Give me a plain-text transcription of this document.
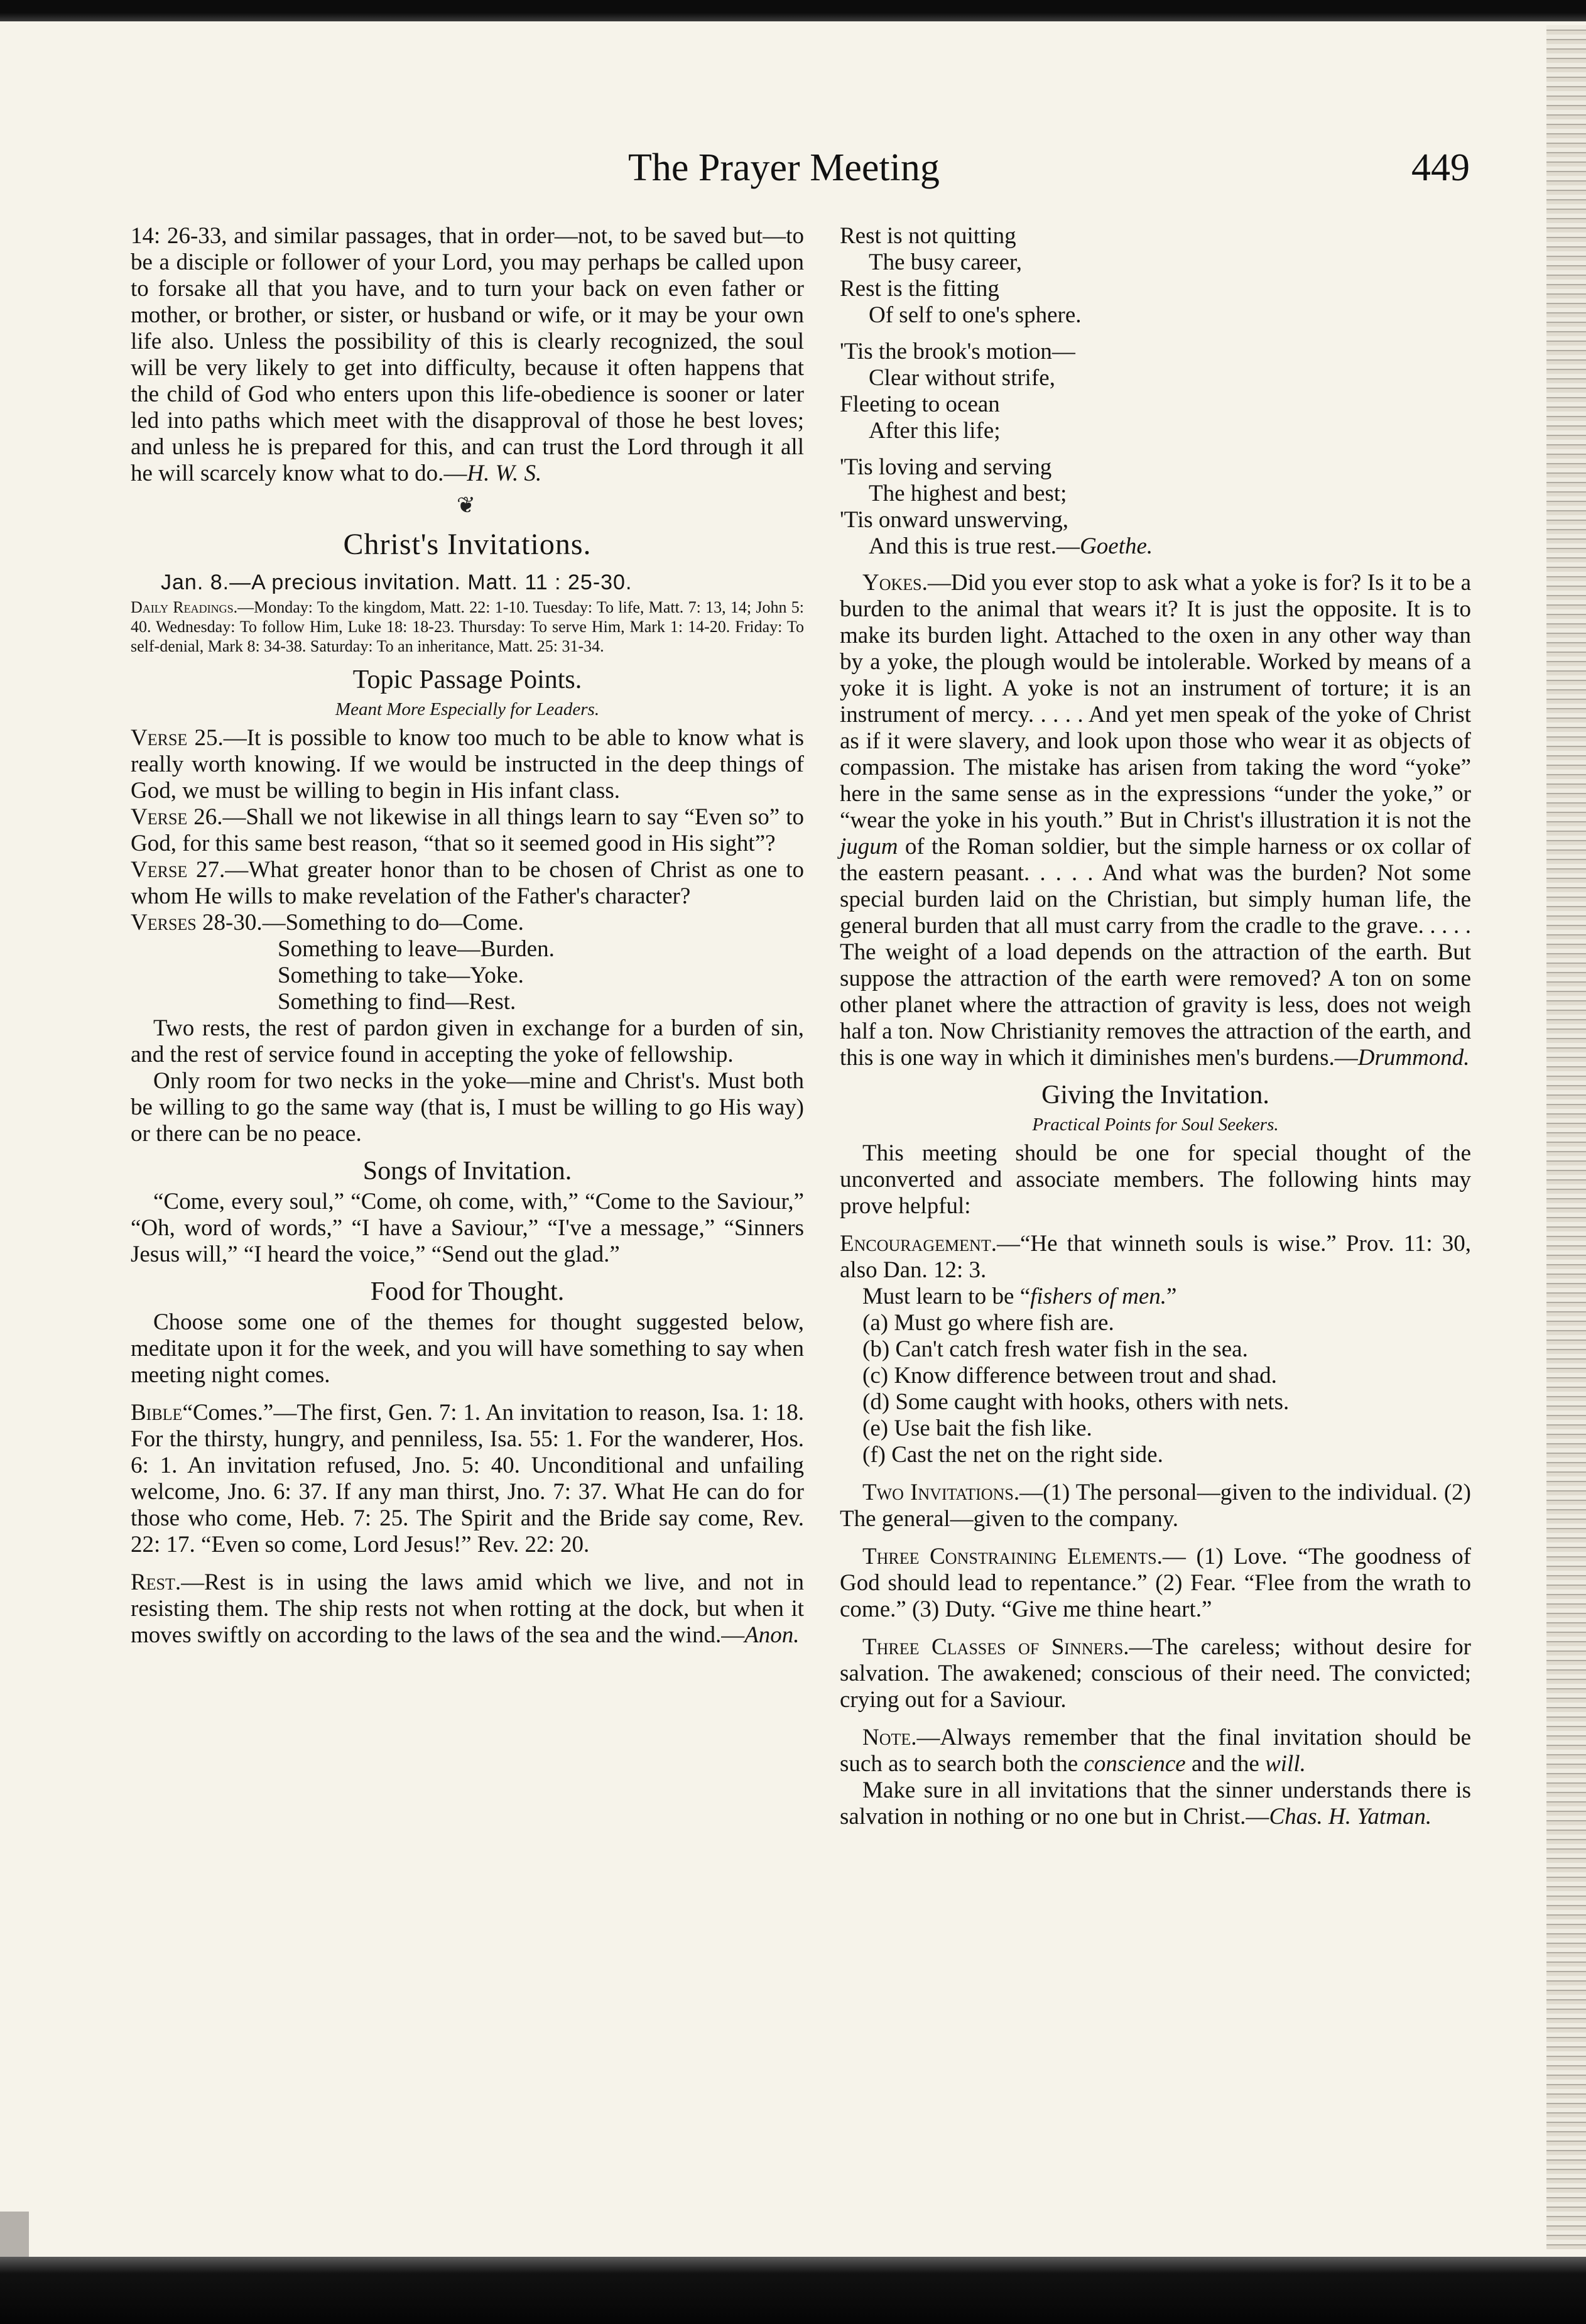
The Prayer Meeting	449

14: 26-33, and similar passages, that in order—not, to be saved but—to be a disciple or follower of your Lord, you may perhaps be called upon to forsake all that you have, and to turn your back on even father or mother, or brother, or sister, or husband or wife, or it may be your own life also. Unless the possibility of this is clearly recognized, the soul will be very likely to get into difficulty, because it often happens that the child of God who enters upon this life-obedience is sooner or later led into paths which meet with the disapproval of those he best loves; and unless he is prepared for this, and can trust the Lord through it all he will scarcely know what to do.—H. W. S.

❦
Christ's Invitations.
Jan. 8.—A precious invitation. Matt. 11 : 25-30.

Daily Readings.—Monday: To the kingdom, Matt. 22: 1-10. Tuesday: To life, Matt. 7: 13, 14; John 5: 40. Wednesday: To follow Him, Luke 18: 18-23. Thursday: To serve Him, Mark 1: 14-20. Friday: To self-denial, Mark 8: 34-38. Saturday: To an inheritance, Matt. 25: 31-34.

Topic Passage Points.
Meant More Especially for Leaders.

Verse 25.—It is possible to know too much to be able to know what is really worth knowing. If we would be instructed in the deep things of God, we must be willing to begin in His infant class.

Verse 26.—Shall we not likewise in all things learn to say “Even so” to God, for this same best reason, “that so it seemed good in His sight”?

Verse 27.—What greater honor than to be chosen of Christ as one to whom He wills to make revelation of the Father's character?

Verses 28-30.—Something to do—Come.

Something to leave—Burden.

Something to take—Yoke.

Something to find—Rest.

Two rests, the rest of pardon given in exchange for a burden of sin, and the rest of service found in accepting the yoke of fellowship.

Only room for two necks in the yoke—mine and Christ's. Must both be willing to go the same way (that is, I must be willing to go His way) or there can be no peace.

Songs of Invitation.

“Come, every soul,” “Come, oh come, with,” “Come to the Saviour,” “Oh, word of words,” “I have a Saviour,” “I've a message,” “Sinners Jesus will,” “I heard the voice,” “Send out the glad.”

Food for Thought.

Choose some one of the themes for thought suggested below, meditate upon it for the week, and you will have something to say when meeting night comes.

Bible“Comes.”—The first, Gen. 7: 1. An invitation to reason, Isa. 1: 18. For the thirsty, hungry, and penniless, Isa. 55: 1. For the wanderer, Hos. 6: 1. An invitation refused, Jno. 5: 40. Unconditional and unfailing welcome, Jno. 6: 37. If any man thirst, Jno. 7: 37. What He can do for those who come, Heb. 7: 25. The Spirit and the Bride say come, Rev. 22: 17. “Even so come, Lord Jesus!” Rev. 22: 20.

Rest.—Rest is in using the laws amid which we live, and not in resisting them. The ship rests not when rotting at the dock, but when it moves swiftly on according to the laws of the sea and the wind.—Anon.

Rest is not quitting
The busy career,
Rest is the fitting
Of self to one's sphere.
'Tis the brook's motion—
Clear without strife,
Fleeting to ocean
After this life;
'Tis loving and serving
The highest and best;
'Tis onward unswerving,
And this is true rest.—Goethe.

Yokes.—Did you ever stop to ask what a yoke is for? Is it to be a burden to the animal that wears it? It is just the opposite. It is to make its burden light. Attached to the oxen in any other way than by a yoke, the plough would be intolerable. Worked by means of a yoke it is light. A yoke is not an instrument of torture; it is an instrument of mercy. . . . . And yet men speak of the yoke of Christ as if it were slavery, and look upon those who wear it as objects of compassion. The mistake has arisen from taking the word “yoke” here in the same sense as in the expressions “under the yoke,” or “wear the yoke in his youth.” But in Christ's illustration it is not the jugum of the Roman soldier, but the simple harness or ox collar of the eastern peasant. . . . . And what was the burden? Not some special burden laid on the Christian, but simply human life, the general burden that all must carry from the cradle to the grave. . . . . The weight of a load depends on the attraction of the earth. But suppose the attraction of the earth were removed? A ton on some other planet where the attraction of gravity is less, does not weigh half a ton. Now Christianity removes the attraction of the earth, and this is one way in which it diminishes men's burdens.—Drummond.

Giving the Invitation.
Practical Points for Soul Seekers.

This meeting should be one for special thought of the unconverted and associate members. The following hints may prove helpful:

Encouragement.—“He that winneth souls is wise.” Prov. 11: 30, also Dan. 12: 3.

Must learn to be “fishers of men.”

(a) Must go where fish are.

(b) Can't catch fresh water fish in the sea.

(c) Know difference between trout and shad.

(d) Some caught with hooks, others with nets.

(e) Use bait the fish like.

(f) Cast the net on the right side.

Two Invitations.—(1) The personal—given to the individual. (2) The general—given to the company.

Three Constraining Elements.— (1) Love. “The goodness of God should lead to repentance.” (2) Fear. “Flee from the wrath to come.” (3) Duty. “Give me thine heart.”

Three Classes of Sinners.—The careless; without desire for salvation. The awakened; conscious of their need. The convicted; crying out for a Saviour.

Note.—Always remember that the final invitation should be such as to search both the conscience and the will.

Make sure in all invitations that the sinner understands there is salvation in nothing or no one but in Christ.—Chas. H. Yatman.
